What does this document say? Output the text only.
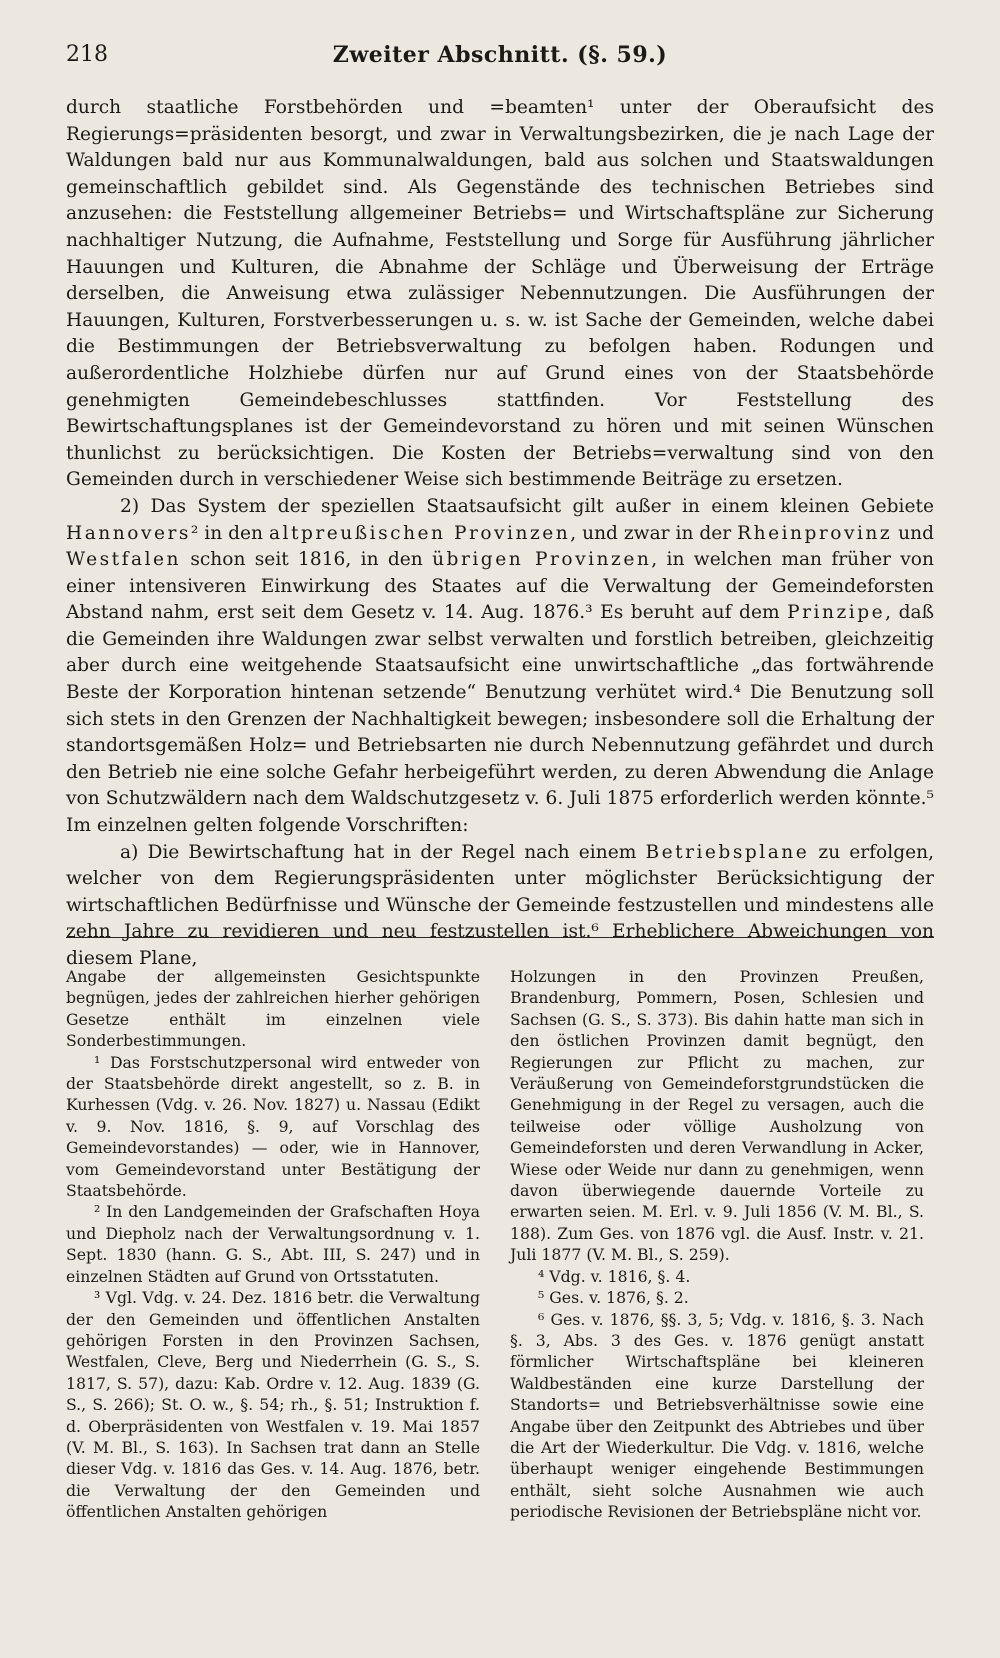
218	Zweiter Abschnitt. (§. 59.)

durch staatliche Forstbehörden und =beamten¹ unter der Oberaufsicht des Regierungs=präsidenten besorgt, und zwar in Verwaltungsbezirken, die je nach Lage der Waldungen bald nur aus Kommunalwaldungen, bald aus solchen und Staatswaldungen gemeinschaftlich gebildet sind. Als Gegenstände des technischen Betriebes sind anzusehen: die Feststellung allgemeiner Betriebs= und Wirtschaftspläne zur Sicherung nachhaltiger Nutzung, die Aufnahme, Feststellung und Sorge für Ausführung jährlicher Hauungen und Kulturen, die Abnahme der Schläge und Überweisung der Erträge derselben, die Anweisung etwa zulässiger Nebennutzungen. Die Ausführungen der Hauungen, Kulturen, Forstverbesserungen u. s. w. ist Sache der Gemeinden, welche dabei die Bestimmungen der Betriebsverwaltung zu befolgen haben. Rodungen und außerordentliche Holzhiebe dürfen nur auf Grund eines von der Staatsbehörde genehmigten Gemeindebeschlusses stattfinden. Vor Feststellung des Bewirtschaftungsplanes ist der Gemeindevorstand zu hören und mit seinen Wünschen thunlichst zu berücksichtigen. Die Kosten der Betriebs=verwaltung sind von den Gemeinden durch in verschiedener Weise sich bestimmende Beiträge zu ersetzen.

2) Das System der speziellen Staatsaufsicht gilt außer in einem kleinen Gebiete Hannovers² in den altpreußischen Provinzen, und zwar in der Rheinprovinz und Westfalen schon seit 1816, in den übrigen Provinzen, in welchen man früher von einer intensiveren Einwirkung des Staates auf die Verwaltung der Gemeindeforsten Abstand nahm, erst seit dem Gesetz v. 14. Aug. 1876.³ Es beruht auf dem Prinzipe, daß die Gemeinden ihre Waldungen zwar selbst verwalten und forstlich betreiben, gleichzeitig aber durch eine weitgehende Staatsaufsicht eine unwirtschaftliche „das fortwährende Beste der Korporation hintenan setzende“ Benutzung verhütet wird.⁴ Die Benutzung soll sich stets in den Grenzen der Nachhaltigkeit bewegen; insbesondere soll die Erhaltung der standortsgemäßen Holz= und Betriebsarten nie durch Nebennutzung gefährdet und durch den Betrieb nie eine solche Gefahr herbeigeführt werden, zu deren Abwendung die Anlage von Schutzwäldern nach dem Waldschutzgesetz v. 6. Juli 1875 erforderlich werden könnte.⁵ Im einzelnen gelten folgende Vorschriften:

a) Die Bewirtschaftung hat in der Regel nach einem Betriebsplane zu erfolgen, welcher von dem Regierungspräsidenten unter möglichster Berücksichtigung der wirtschaftlichen Bedürfnisse und Wünsche der Gemeinde festzustellen und mindestens alle zehn Jahre zu revidieren und neu festzustellen ist.⁶ Erheblichere Abweichungen von diesem Plane,

Angabe der allgemeinsten Gesichtspunkte begnügen, jedes der zahlreichen hierher gehörigen Gesetze enthält im einzelnen viele Sonderbestimmungen.

¹ Das Forstschutzpersonal wird entweder von der Staatsbehörde direkt angestellt, so z. B. in Kurhessen (Vdg. v. 26. Nov. 1827) u. Nassau (Edikt v. 9. Nov. 1816, §. 9, auf Vorschlag des Gemeindevorstandes) — oder, wie in Hannover, vom Gemeindevorstand unter Bestätigung der Staatsbehörde.

² In den Landgemeinden der Grafschaften Hoya und Diepholz nach der Verwaltungsordnung v. 1. Sept. 1830 (hann. G. S., Abt. III, S. 247) und in einzelnen Städten auf Grund von Ortsstatuten.

³ Vgl. Vdg. v. 24. Dez. 1816 betr. die Verwaltung der den Gemeinden und öffentlichen Anstalten gehörigen Forsten in den Provinzen Sachsen, Westfalen, Cleve, Berg und Niederrhein (G. S., S. 1817, S. 57), dazu: Kab. Ordre v. 12. Aug. 1839 (G. S., S. 266); St. O. w., §. 54; rh., §. 51; Instruktion f. d. Oberpräsidenten von Westfalen v. 19. Mai 1857 (V. M. Bl., S. 163). In Sachsen trat dann an Stelle dieser Vdg. v. 1816 das Ges. v. 14. Aug. 1876, betr. die Verwaltung der den Gemeinden und öffentlichen Anstalten gehörigen

Holzungen in den Provinzen Preußen, Brandenburg, Pommern, Posen, Schlesien und Sachsen (G. S., S. 373). Bis dahin hatte man sich in den östlichen Provinzen damit begnügt, den Regierungen zur Pflicht zu machen, zur Veräußerung von Gemeindeforstgrundstücken die Genehmigung in der Regel zu versagen, auch die teilweise oder völlige Ausholzung von Gemeindeforsten und deren Verwandlung in Acker, Wiese oder Weide nur dann zu genehmigen, wenn davon überwiegende dauernde Vorteile zu erwarten seien. M. Erl. v. 9. Juli 1856 (V. M. Bl., S. 188). Zum Ges. von 1876 vgl. die Ausf. Instr. v. 21. Juli 1877 (V. M. Bl., S. 259).

⁴ Vdg. v. 1816, §. 4.

⁵ Ges. v. 1876, §. 2.

⁶ Ges. v. 1876, §§. 3, 5; Vdg. v. 1816, §. 3. Nach §. 3, Abs. 3 des Ges. v. 1876 genügt anstatt förmlicher Wirtschaftspläne bei kleineren Waldbeständen eine kurze Darstellung der Standorts= und Betriebsverhältnisse sowie eine Angabe über den Zeitpunkt des Abtriebes und über die Art der Wiederkultur. Die Vdg. v. 1816, welche überhaupt weniger eingehende Bestimmungen enthält, sieht solche Ausnahmen wie auch periodische Revisionen der Betriebspläne nicht vor.
